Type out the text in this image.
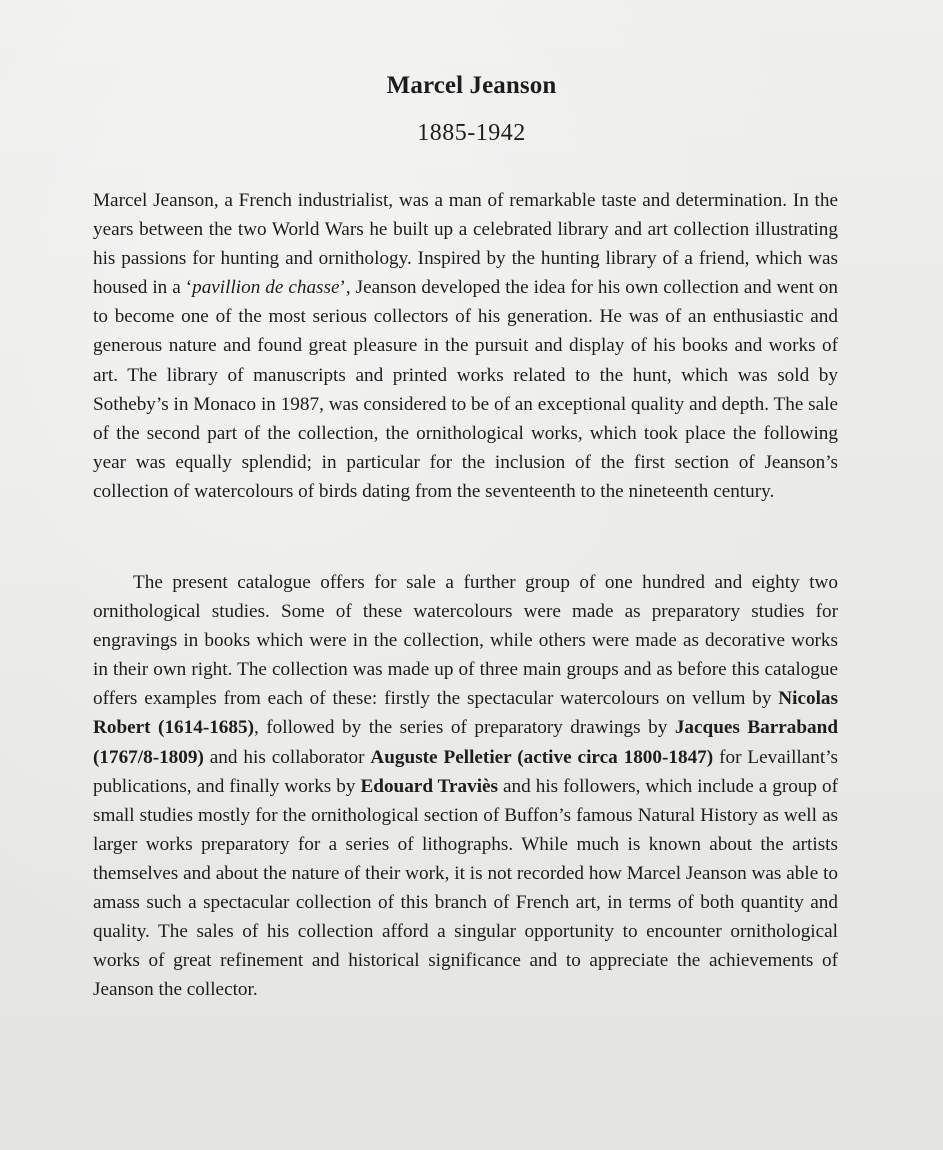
Marcel Jeanson
1885-1942

Marcel Jeanson, a French industrialist, was a man of remarkable taste and determination. In the years between the two World Wars he built up a celebrated library and art collection illustrating his passions for hunting and ornithology. Inspired by the hunting library of a friend, which was housed in a ‘pavillion de chasse’, Jeanson developed the idea for his own collection and went on to become one of the most serious collectors of his generation. He was of an enthusiastic and generous nature and found great pleasure in the pursuit and display of his books and works of art. The library of manuscripts and printed works related to the hunt, which was sold by Sotheby’s in Monaco in 1987, was considered to be of an exceptional quality and depth. The sale of the second part of the collection, the ornithological works, which took place the following year was equally splendid; in particular for the inclusion of the first section of Jeanson’s collection of watercolours of birds dating from the seventeenth to the nineteenth century.

The present catalogue offers for sale a further group of one hundred and eighty two ornithological studies. Some of these watercolours were made as preparatory studies for engravings in books which were in the collection, while others were made as decorative works in their own right. The collection was made up of three main groups and as before this catalogue offers examples from each of these: firstly the spectacular watercolours on vellum by Nicolas Robert (1614-1685), followed by the series of preparatory drawings by Jacques Barraband (1767/8-1809) and his collaborator Auguste Pelletier (active circa 1800-1847) for Levaillant’s publications, and finally works by Edouard Traviès and his followers, which include a group of small studies mostly for the ornithological section of Buffon’s famous Natural History as well as larger works preparatory for a series of lithographs. While much is known about the artists themselves and about the nature of their work, it is not recorded how Marcel Jeanson was able to amass such a spectacular collection of this branch of French art, in terms of both quantity and quality. The sales of his collection afford a singular opportunity to encounter ornithological works of great refinement and historical significance and to appreciate the achievements of Jeanson the collector.
